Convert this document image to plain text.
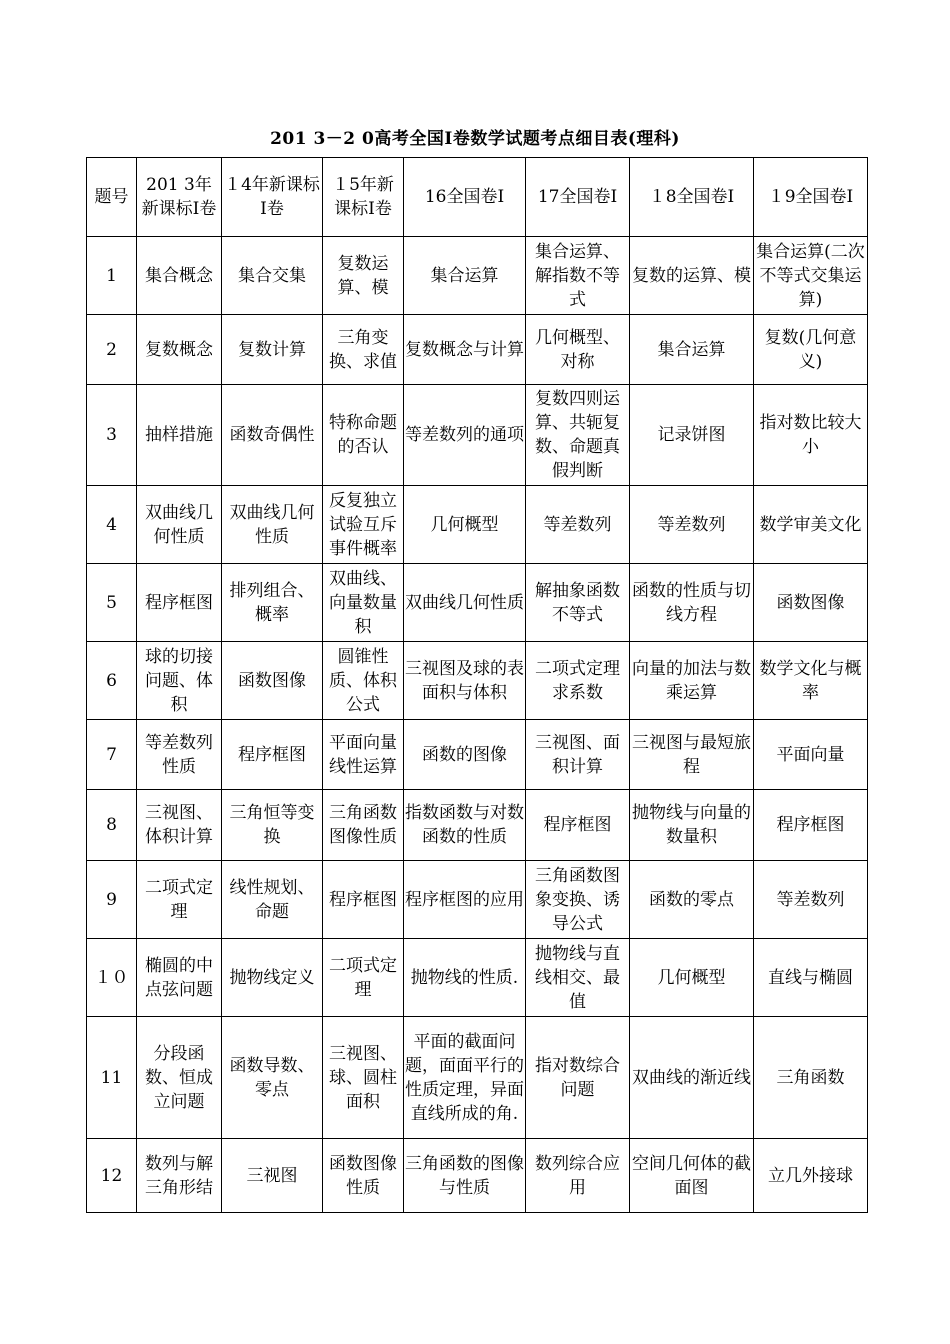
201 3－2 0高考全国Ⅰ卷数学试题考点细目表(理科)
题号	201 3年新课标Ⅰ卷	１4年新课标Ⅰ卷	１5年新课标Ⅰ卷	16全国卷Ⅰ	17全国卷Ⅰ	１8全国卷Ⅰ	１9全国卷Ⅰ
1	集合概念	集合交集	复数运算、模	集合运算	集合运算、解指数不等式	复数的运算、模	集合运算(二次不等式交集运算)
2	复数概念	复数计算	三角变换、求值	复数概念与计算	几何概型、对称	集合运算	复数(几何意义)
3	抽样措施	函数奇偶性	特称命题的否认	等差数列的通项	复数四则运算、共轭复数、命题真假判断	记录饼图	指对数比较大小
4	双曲线几何性质	双曲线几何性质	反复独立试验互斥事件概率	几何概型	等差数列	等差数列	数学审美文化
5	程序框图	排列组合、概率	双曲线、向量数量积	双曲线几何性质	解抽象函数不等式	函数的性质与切线方程	函数图像
6	球的切接问题、体积	函数图像	圆锥性质、体积公式	三视图及球的表面积与体积	二项式定理求系数	向量的加法与数乘运算	数学文化与概率
7	等差数列性质	程序框图	平面向量线性运算	函数的图像	三视图、面积计算	三视图与最短旅程	平面向量
8	三视图、体积计算	三角恒等变换	三角函数图像性质	指数函数与对数函数的性质	程序框图	抛物线与向量的数量积	程序框图
9	二项式定理	线性规划、命题	程序框图	程序框图的应用	三角函数图象变换、诱导公式	函数的零点	等差数列
１０	椭圆的中点弦问题	抛物线定义	二项式定理	抛物线的性质.	抛物线与直线相交、最值	几何概型	直线与椭圆
11	分段函数、恒成立问题	函数导数、零点	三视图、球、圆柱面积	平面的截面问题，面面平行的性质定理，异面直线所成的角.	指对数综合问题	双曲线的渐近线	三角函数
12	数列与解三角形结	三视图	函数图像性质	三角函数的图像与性质	数列综合应用	空间几何体的截面图	立几外接球
